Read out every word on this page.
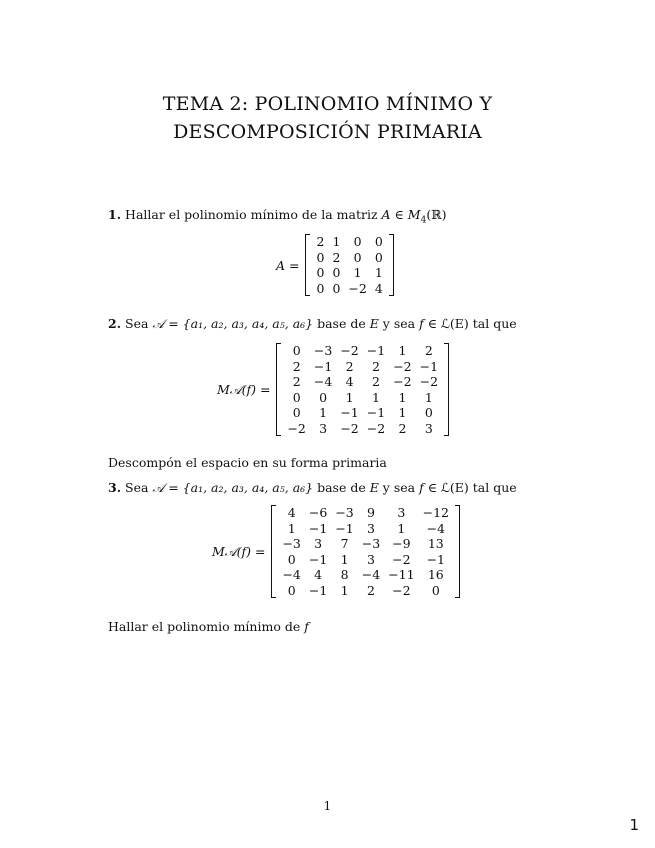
TEMA 2: POLINOMIO MÍNIMO Y
DESCOMPOSICIÓN PRIMARIA
1. Hallar el polinomio mínimo de la matriz A ∈ $M_4(ℝ)$
A =
2	1	0	0
0	2	0	0
0	0	1	1
0	0	−2	4
2. Sea 𝒜 = {a₁, a₂, a₃, a₄, a₅, a₆} base de E y sea f ∈ ℒ(E) tal que
M𝒜(f) =
0	−3	−2	−1	1	2
2	−1	2	2	−2	−1
2	−4	4	2	−2	−2
0	0	1	1	1	1
0	1	−1	−1	1	0
−2	3	−2	−2	2	3
Descompón el espacio en su forma primaria
3. Sea 𝒜 = {a₁, a₂, a₃, a₄, a₅, a₆} base de E y sea f ∈ ℒ(E) tal que
M𝒜(f) =
4	−6	−3	9	3	−12
1	−1	−1	3	1	−4
−3	3	7	−3	−9	13
0	−1	1	3	−2	−1
−4	4	8	−4	−11	16
0	−1	1	2	−2	0
Hallar el polinomio mínimo de f
1
1
